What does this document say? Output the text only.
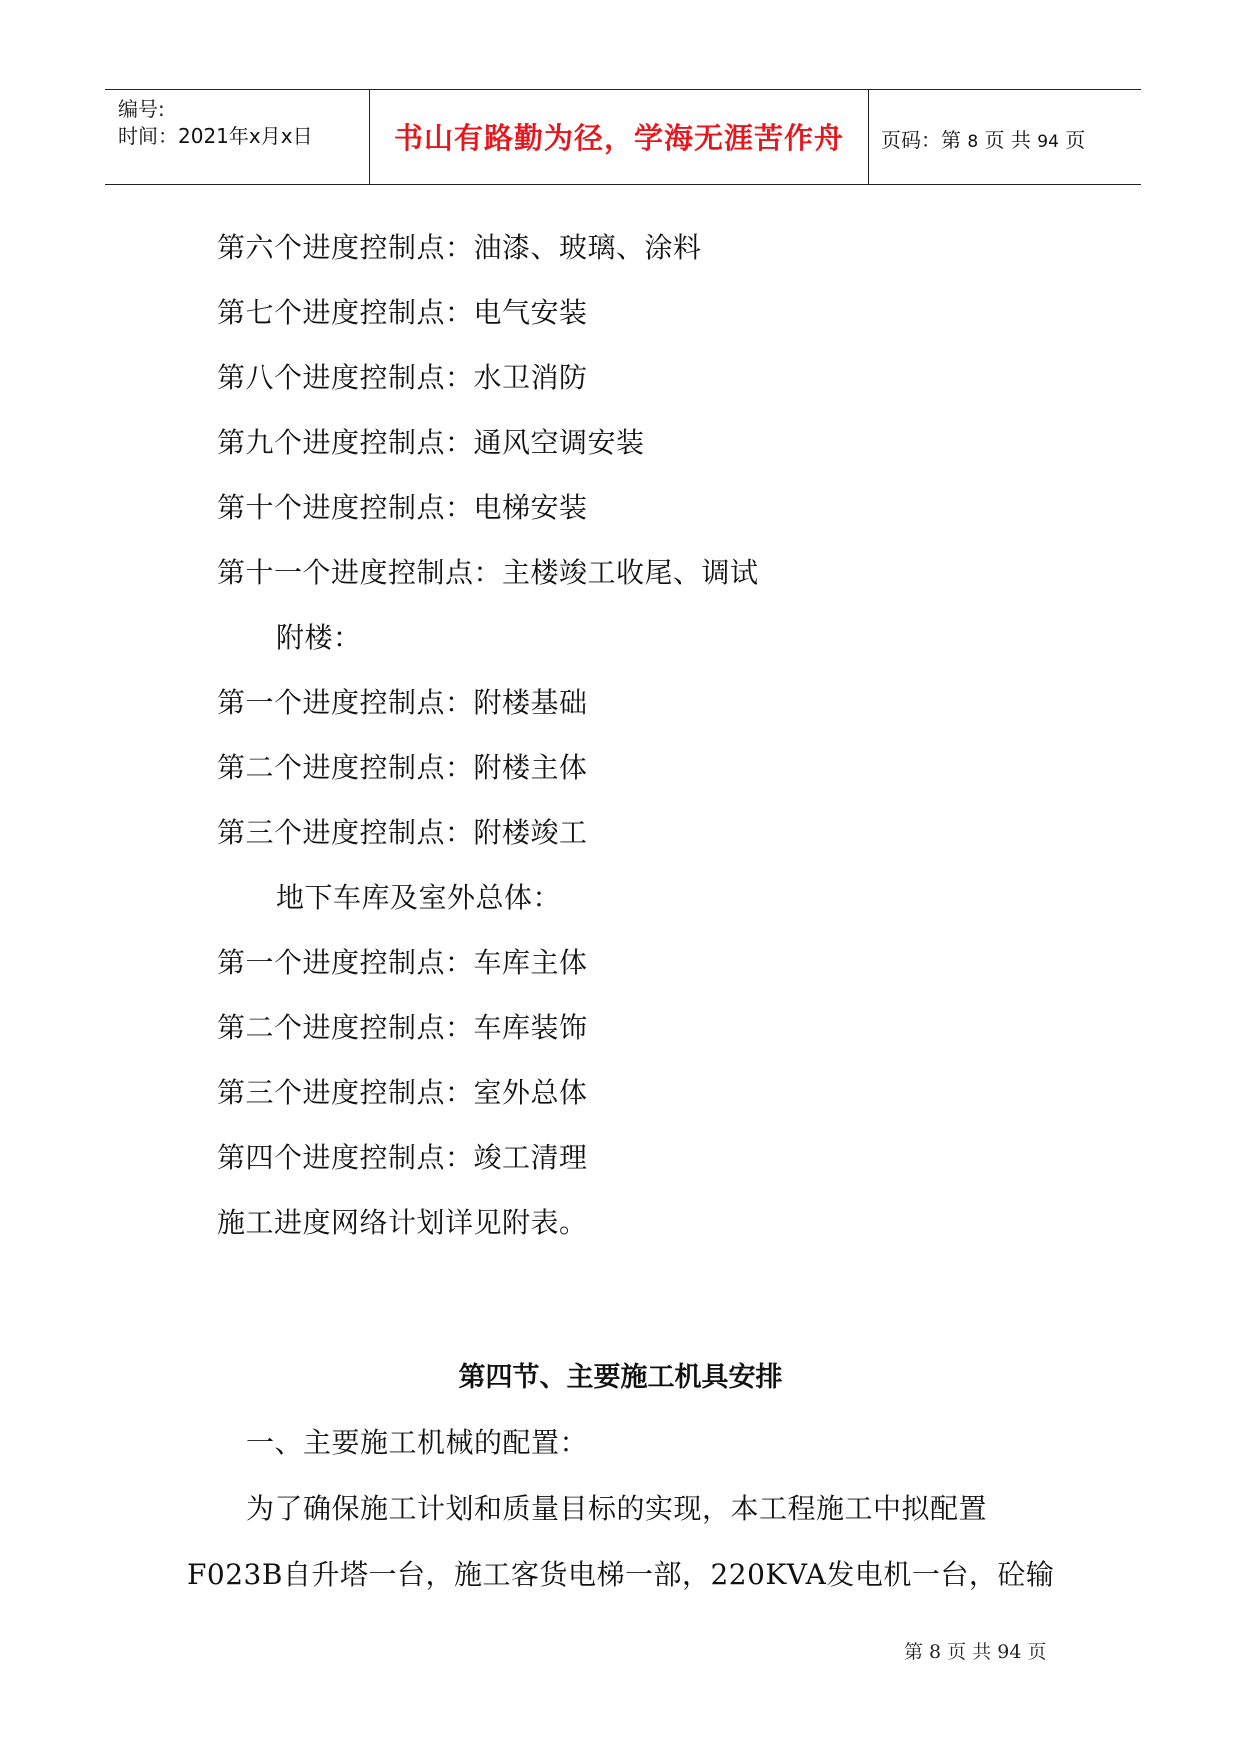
编号:
时间：2021年x月x日	书山有路勤为径，学海无涯苦作舟	页码：第 8 页 共 94 页
第六个进度控制点：油漆、玻璃、涂料
第七个进度控制点：电气安装
第八个进度控制点：水卫消防
第九个进度控制点：通风空调安装
第十个进度控制点：电梯安装
第十一个进度控制点：主楼竣工收尾、调试
附楼：
第一个进度控制点：附楼基础
第二个进度控制点：附楼主体
第三个进度控制点：附楼竣工
地下车库及室外总体：
第一个进度控制点：车库主体
第二个进度控制点：车库装饰
第三个进度控制点：室外总体
第四个进度控制点：竣工清理
施工进度网络计划详见附表。
第四节、主要施工机具安排
一、主要施工机械的配置：
为了确保施工计划和质量目标的实现，本工程施工中拟配置
F023B自升塔一台，施工客货电梯一部，220KVA发电机一台，砼输
第 8 页 共 94 页
